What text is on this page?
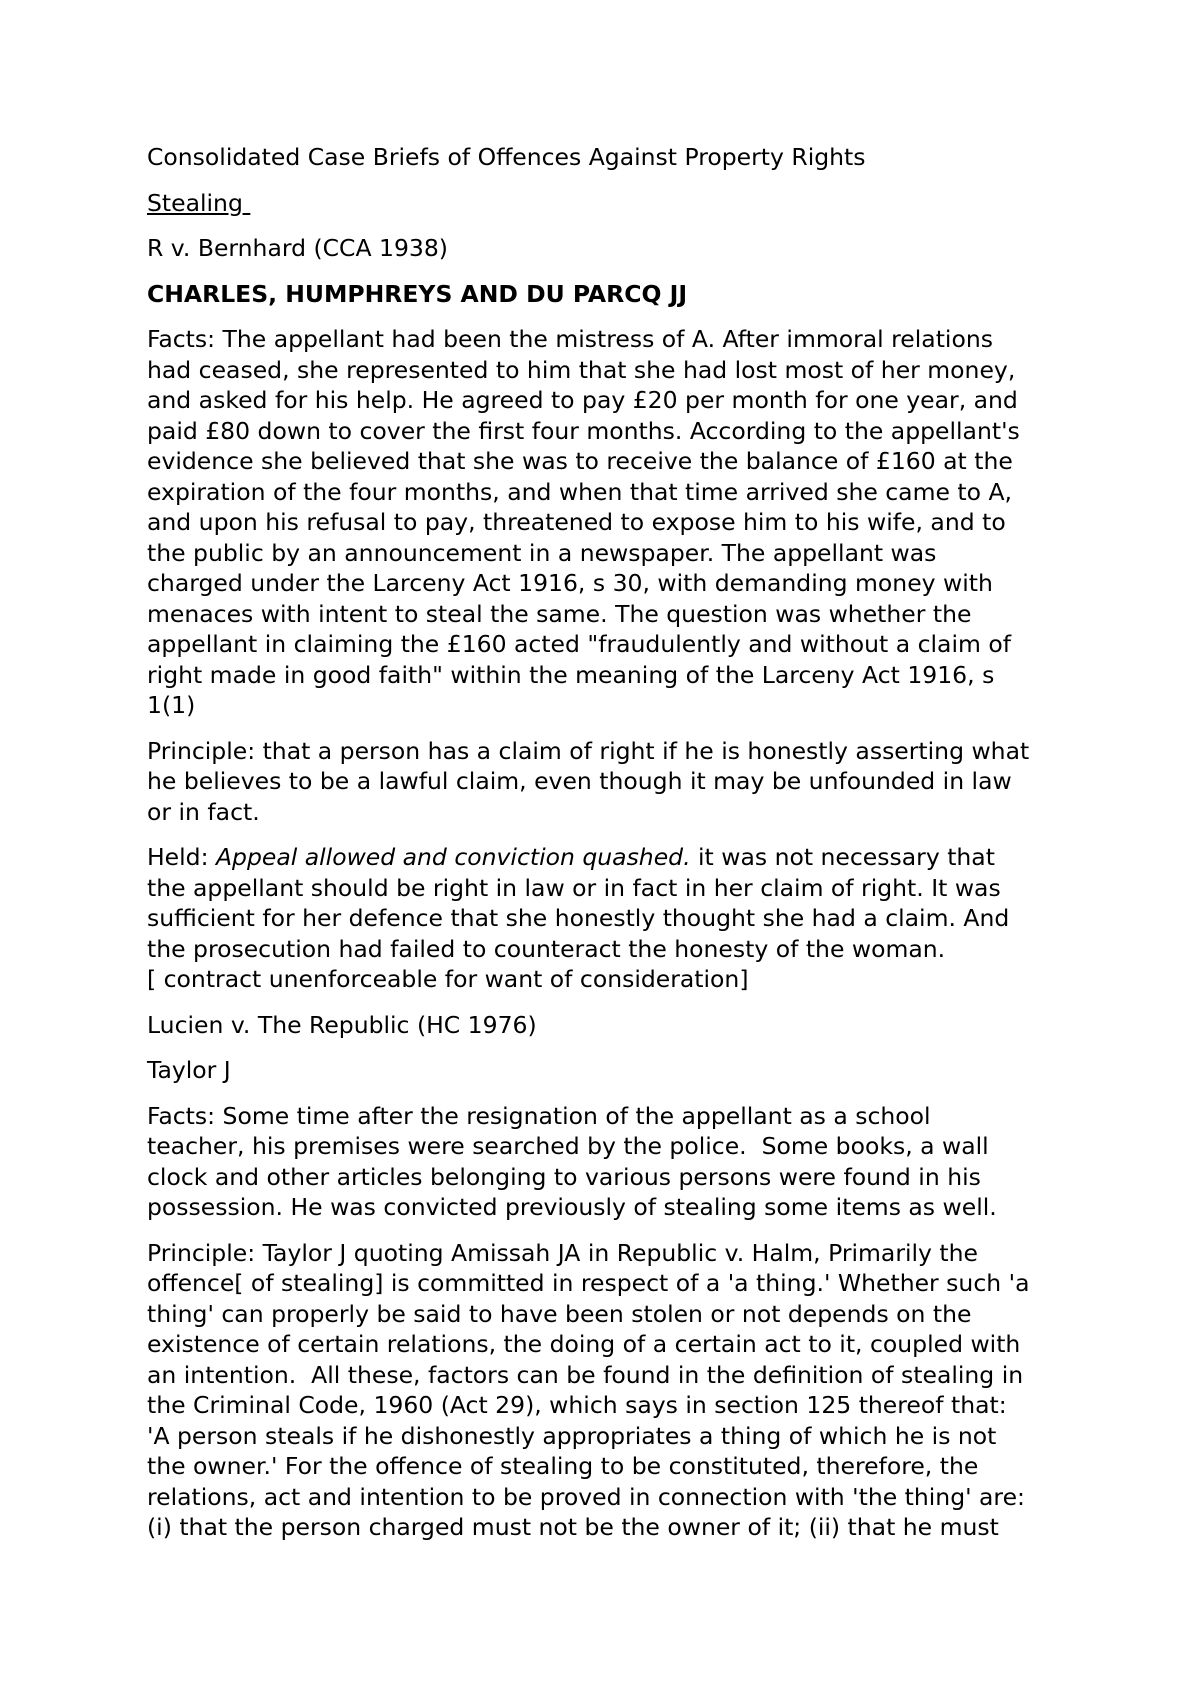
Consolidated Case Briefs of Offences Against Property Rights

Stealing

R v. Bernhard (CCA 1938)

CHARLES, HUMPHREYS AND DU PARCQ JJ

Facts: The appellant had been the mistress of A. After immoral relations
had ceased, she represented to him that she had lost most of her money,
and asked for his help. He agreed to pay £20 per month for one year, and
paid £80 down to cover the first four months. According to the appellant's
evidence she believed that she was to receive the balance of £160 at the
expiration of the four months, and when that time arrived she came to A,
and upon his refusal to pay, threatened to expose him to his wife, and to
the public by an announcement in a newspaper. The appellant was
charged under the Larceny Act 1916, s 30, with demanding money with
menaces with intent to steal the same. The question was whether the
appellant in claiming the £160 acted "fraudulently and without a claim of
right made in good faith" within the meaning of the Larceny Act 1916, s
1(1)

Principle: that a person has a claim of right if he is honestly asserting what
he believes to be a lawful claim, even though it may be unfounded in law
or in fact.

Held: Appeal allowed and conviction quashed. it was not necessary that
the appellant should be right in law or in fact in her claim of right. It was
sufficient for her defence that she honestly thought she had a claim. And
the prosecution had failed to counteract the honesty of the woman.
[ contract unenforceable for want of consideration]

Lucien v. The Republic (HC 1976)

Taylor J

Facts: Some time after the resignation of the appellant as a school
teacher, his premises were searched by the police.  Some books, a wall
clock and other articles belonging to various persons were found in his
possession. He was convicted previously of stealing some items as well.

Principle: Taylor J quoting Amissah JA in Republic v. Halm, Primarily the
offence[ of stealing] is committed in respect of a 'a thing.' Whether such 'a
thing' can properly be said to have been stolen or not depends on the
existence of certain relations, the doing of a certain act to it, coupled with
an intention.  All these, factors can be found in the definition of stealing in
the Criminal Code, 1960 (Act 29), which says in section 125 thereof that:
'A person steals if he dishonestly appropriates a thing of which he is not
the owner.' For the offence of stealing to be constituted, therefore, the
relations, act and intention to be proved in connection with 'the thing' are:
(i) that the person charged must not be the owner of it; (ii) that he must
